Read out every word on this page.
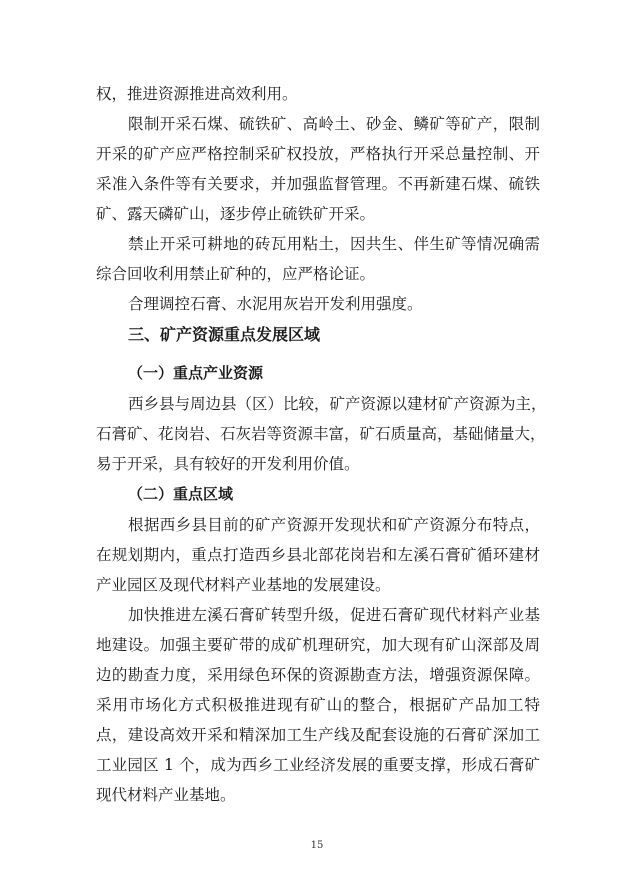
权，推进资源推进高效利用。
限制开采石煤、硫铁矿、高岭土、砂金、鳞矿等矿产，限制
开采的矿产应严格控制采矿权投放，严格执行开采总量控制、开
采准入条件等有关要求，并加强监督管理。不再新建石煤、硫铁
矿、露天磷矿山，逐步停止硫铁矿开采。
禁止开采可耕地的砖瓦用粘土，因共生、伴生矿等情况确需
综合回收利用禁止矿种的，应严格论证。
合理调控石膏、水泥用灰岩开发利用强度。
三、矿产资源重点发展区域
（一）重点产业资源
西乡县与周边县（区）比较，矿产资源以建材矿产资源为主，
石膏矿、花岗岩、石灰岩等资源丰富，矿石质量高，基础储量大，
易于开采，具有较好的开发利用价值。
（二）重点区域
根据西乡县目前的矿产资源开发现状和矿产资源分布特点，
在规划期内，重点打造西乡县北部花岗岩和左溪石膏矿循环建材
产业园区及现代材料产业基地的发展建设。
加快推进左溪石膏矿转型升级，促进石膏矿现代材料产业基
地建设。加强主要矿带的成矿机理研究，加大现有矿山深部及周
边的勘查力度，采用绿色环保的资源勘查方法，增强资源保障。
采用市场化方式积极推进现有矿山的整合，根据矿产品加工特
点，建设高效开采和精深加工生产线及配套设施的石膏矿深加工
工业园区 1 个，成为西乡工业经济发展的重要支撑，形成石膏矿
现代材料产业基地。
15
